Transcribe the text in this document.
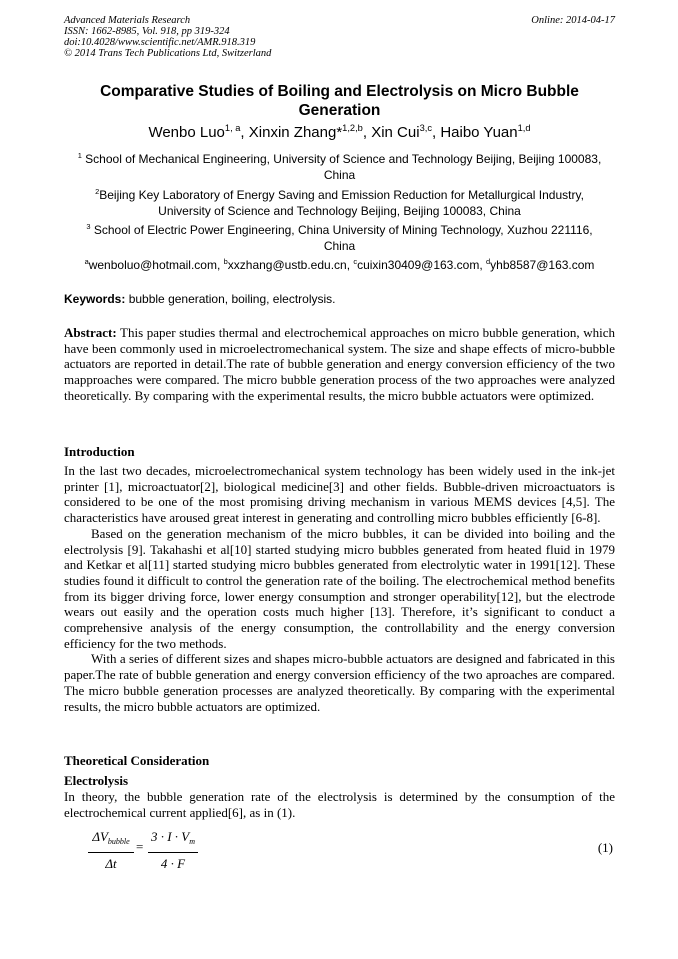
Advanced Materials Research
ISSN: 1662-8985, Vol. 918, pp 319-324
doi:10.4028/www.scientific.net/AMR.918.319
© 2014 Trans Tech Publications Ltd, Switzerland
Online: 2014-04-17
Comparative Studies of Boiling and Electrolysis on Micro Bubble
Generation
Wenbo Luo$^{1, a}$, Xinxin Zhang*$^{1,2,b}$, Xin Cui$^{3,c}$, Haibo Yuan$^{1,d}$
$^1$ School of Mechanical Engineering, University of Science and Technology Beijing, Beijing 100083,
China
$^2$Beijing Key Laboratory of Energy Saving and Emission Reduction for Metallurgical Industry,
University of Science and Technology Beijing, Beijing 100083, China
$^3$ School of Electric Power Engineering, China University of Mining Technology, Xuzhou 221116,
China
$^a$wenboluo@hotmail.com, $^b$xxzhang@ustb.edu.cn, $^c$cuixin30409@163.com, $^d$yhb8587@163.com
Keywords: bubble generation, boiling, electrolysis.
Abstract: This paper studies thermal and electrochemical approaches on micro bubble generation, which have been commonly used in microelectromechanical system. The size and shape effects of micro-bubble actuators are reported in detail.The rate of bubble generation and energy conversion efficiency of the two mapproaches were compared. The micro bubble generation process of the two approaches were analyzed theoretically. By comparing with the experimental results, the micro bubble actuators were optimized.
Introduction

In the last two decades, microelectromechanical system technology has been widely used in the ink-jet printer [1], microactuator[2], biological medicine[3] and other fields. Bubble-driven microactuators is considered to be one of the most promising driving mechanism in various MEMS devices [4,5]. The characteristics have aroused great interest in generating and controlling micro bubbles efficiently [6-8].

Based on the generation mechanism of the micro bubbles, it can be divided into boiling and the electrolysis [9]. Takahashi et al[10] started studying micro bubbles generated from heated fluid in 1979 and Ketkar et al[11] started studying micro bubbles generated from electrolytic water in 1991[12]. These studies found it difficult to control the generation rate of the boiling. The electrochemical method benefits from its bigger driving force, lower energy consumption and stronger operability[12], but the electrode wears out easily and the operation costs much higher [13]. Therefore, it’s significant to conduct a comprehensive analysis of the energy consumption, the controllability and the energy conversion efficiency for the two methods.

With a series of different sizes and shapes micro-bubble actuators are designed and fabricated in this paper.The rate of bubble generation and energy conversion efficiency of the two aproaches are compared. The micro bubble generation processes are analyzed theoretically. By comparing with the experimental results, the micro bubble actuators are optimized.

Theoretical Consideration
Electrolysis
In theory, the bubble generation rate of the electrolysis is determined by the consumption of the electrochemical current applied[6], as in (1).
$\Delta V_{bubble}$
Δt
= $\frac{3 \cdot I \cdot V_m}{4 \cdot F}$	(1)
